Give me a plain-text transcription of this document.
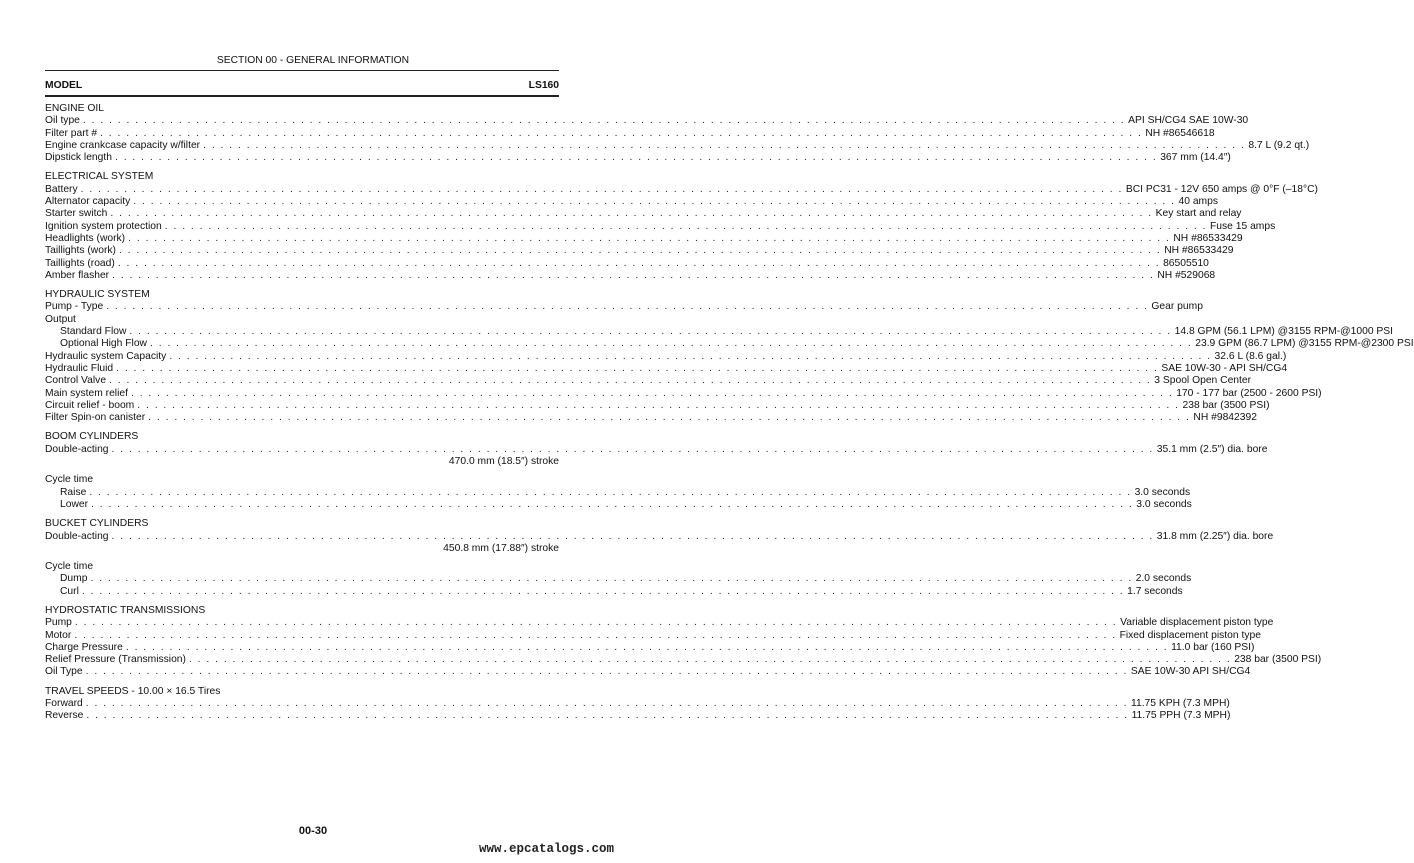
SECTION 00 - GENERAL INFORMATION
MODEL	LS160
ENGINE OIL
Oil type . . . . . . . . . . . . . . . . . . . . . . . . . . . . . . . . . . . . . . . . . . . . . . . . . . . . . . . . . . . . . . . . . . . . . . . . . . . . . . . . . . . . . . . . . . . . . . . . . . . . . . . . . . . . . . . . . . . . . . . . API SH/CG4 SAE 10W-30
Filter part # . . . . . . . . . . . . . . . . . . . . . . . . . . . . . . . . . . . . . . . . . . . . . . . . . . . . . . . . . . . . . . . . . . . . . . . . . . . . . . . . . . . . . . . . . . . . . . . . . . . . . . . . . . . . . . . . . . . . . . . . NH #86546618
Engine crankcase capacity w/filter . . . . . . . . . . . . . . . . . . . . . . . . . . . . . . . . . . . . . . . . . . . . . . . . . . . . . . . . . . . . . . . . . . . . . . . . . . . . . . . . . . . . . . . . . . . . . . . . . . . . . . . . . . . . . . . . . . . . . . . . 8.7 L (9.2 qt.)
Dipstick length . . . . . . . . . . . . . . . . . . . . . . . . . . . . . . . . . . . . . . . . . . . . . . . . . . . . . . . . . . . . . . . . . . . . . . . . . . . . . . . . . . . . . . . . . . . . . . . . . . . . . . . . . . . . . . . . . . . . . . . . 367 mm (14.4″)
ELECTRICAL SYSTEM
Battery . . . . . . . . . . . . . . . . . . . . . . . . . . . . . . . . . . . . . . . . . . . . . . . . . . . . . . . . . . . . . . . . . . . . . . . . . . . . . . . . . . . . . . . . . . . . . . . . . . . . . . . . . . . . . . . . . . . . . . . . BCI PC31 - 12V 650 amps @ 0°F (–18°C)
Alternator capacity . . . . . . . . . . . . . . . . . . . . . . . . . . . . . . . . . . . . . . . . . . . . . . . . . . . . . . . . . . . . . . . . . . . . . . . . . . . . . . . . . . . . . . . . . . . . . . . . . . . . . . . . . . . . . . . . . . . . . . . . 40 amps
Starter switch . . . . . . . . . . . . . . . . . . . . . . . . . . . . . . . . . . . . . . . . . . . . . . . . . . . . . . . . . . . . . . . . . . . . . . . . . . . . . . . . . . . . . . . . . . . . . . . . . . . . . . . . . . . . . . . . . . . . . . . . Key start and relay
Ignition system protection . . . . . . . . . . . . . . . . . . . . . . . . . . . . . . . . . . . . . . . . . . . . . . . . . . . . . . . . . . . . . . . . . . . . . . . . . . . . . . . . . . . . . . . . . . . . . . . . . . . . . . . . . . . . . . . . . . . . . . . . Fuse 15 amps
Headlights (work) . . . . . . . . . . . . . . . . . . . . . . . . . . . . . . . . . . . . . . . . . . . . . . . . . . . . . . . . . . . . . . . . . . . . . . . . . . . . . . . . . . . . . . . . . . . . . . . . . . . . . . . . . . . . . . . . . . . . . . . . NH #86533429
Taillights (work) . . . . . . . . . . . . . . . . . . . . . . . . . . . . . . . . . . . . . . . . . . . . . . . . . . . . . . . . . . . . . . . . . . . . . . . . . . . . . . . . . . . . . . . . . . . . . . . . . . . . . . . . . . . . . . . . . . . . . . . . NH #86533429
Taillights (road) . . . . . . . . . . . . . . . . . . . . . . . . . . . . . . . . . . . . . . . . . . . . . . . . . . . . . . . . . . . . . . . . . . . . . . . . . . . . . . . . . . . . . . . . . . . . . . . . . . . . . . . . . . . . . . . . . . . . . . . . 86505510
Amber flasher . . . . . . . . . . . . . . . . . . . . . . . . . . . . . . . . . . . . . . . . . . . . . . . . . . . . . . . . . . . . . . . . . . . . . . . . . . . . . . . . . . . . . . . . . . . . . . . . . . . . . . . . . . . . . . . . . . . . . . . . NH #529068
HYDRAULIC SYSTEM
Pump - Type . . . . . . . . . . . . . . . . . . . . . . . . . . . . . . . . . . . . . . . . . . . . . . . . . . . . . . . . . . . . . . . . . . . . . . . . . . . . . . . . . . . . . . . . . . . . . . . . . . . . . . . . . . . . . . . . . . . . . . . . Gear pump
Output
Standard Flow . . . . . . . . . . . . . . . . . . . . . . . . . . . . . . . . . . . . . . . . . . . . . . . . . . . . . . . . . . . . . . . . . . . . . . . . . . . . . . . . . . . . . . . . . . . . . . . . . . . . . . . . . . . . . . . . . . . . . . . . 14.8 GPM (56.1 LPM) @3155 RPM-@1000 PSI
Optional High Flow . . . . . . . . . . . . . . . . . . . . . . . . . . . . . . . . . . . . . . . . . . . . . . . . . . . . . . . . . . . . . . . . . . . . . . . . . . . . . . . . . . . . . . . . . . . . . . . . . . . . . . . . . . . . . . . . . . . . . . . . 23.9 GPM (86.7 LPM) @3155 RPM-@2300 PSI
Hydraulic system Capacity . . . . . . . . . . . . . . . . . . . . . . . . . . . . . . . . . . . . . . . . . . . . . . . . . . . . . . . . . . . . . . . . . . . . . . . . . . . . . . . . . . . . . . . . . . . . . . . . . . . . . . . . . . . . . . . . . . . . . . . . 32.6 L (8.6 gal.)
Hydraulic Fluid . . . . . . . . . . . . . . . . . . . . . . . . . . . . . . . . . . . . . . . . . . . . . . . . . . . . . . . . . . . . . . . . . . . . . . . . . . . . . . . . . . . . . . . . . . . . . . . . . . . . . . . . . . . . . . . . . . . . . . . . SAE 10W-30 - API SH/CG4
Control Valve . . . . . . . . . . . . . . . . . . . . . . . . . . . . . . . . . . . . . . . . . . . . . . . . . . . . . . . . . . . . . . . . . . . . . . . . . . . . . . . . . . . . . . . . . . . . . . . . . . . . . . . . . . . . . . . . . . . . . . . . 3 Spool Open Center
Main system relief . . . . . . . . . . . . . . . . . . . . . . . . . . . . . . . . . . . . . . . . . . . . . . . . . . . . . . . . . . . . . . . . . . . . . . . . . . . . . . . . . . . . . . . . . . . . . . . . . . . . . . . . . . . . . . . . . . . . . . . . 170 - 177 bar (2500 - 2600 PSI)
Circuit relief - boom . . . . . . . . . . . . . . . . . . . . . . . . . . . . . . . . . . . . . . . . . . . . . . . . . . . . . . . . . . . . . . . . . . . . . . . . . . . . . . . . . . . . . . . . . . . . . . . . . . . . . . . . . . . . . . . . . . . . . . . . 238 bar (3500 PSI)
Filter Spin-on canister . . . . . . . . . . . . . . . . . . . . . . . . . . . . . . . . . . . . . . . . . . . . . . . . . . . . . . . . . . . . . . . . . . . . . . . . . . . . . . . . . . . . . . . . . . . . . . . . . . . . . . . . . . . . . . . . . . . . . . . . NH #9842392
BOOM CYLINDERS
Double-acting . . . . . . . . . . . . . . . . . . . . . . . . . . . . . . . . . . . . . . . . . . . . . . . . . . . . . . . . . . . . . . . . . . . . . . . . . . . . . . . . . . . . . . . . . . . . . . . . . . . . . . . . . . . . . . . . . . . . . . . . 35.1 mm (2.5″) dia. bore
470.0 mm (18.5″) stroke
Cycle time
Raise . . . . . . . . . . . . . . . . . . . . . . . . . . . . . . . . . . . . . . . . . . . . . . . . . . . . . . . . . . . . . . . . . . . . . . . . . . . . . . . . . . . . . . . . . . . . . . . . . . . . . . . . . . . . . . . . . . . . . . . . 3.0 seconds
Lower . . . . . . . . . . . . . . . . . . . . . . . . . . . . . . . . . . . . . . . . . . . . . . . . . . . . . . . . . . . . . . . . . . . . . . . . . . . . . . . . . . . . . . . . . . . . . . . . . . . . . . . . . . . . . . . . . . . . . . . . 3.0 seconds
BUCKET CYLINDERS
Double-acting . . . . . . . . . . . . . . . . . . . . . . . . . . . . . . . . . . . . . . . . . . . . . . . . . . . . . . . . . . . . . . . . . . . . . . . . . . . . . . . . . . . . . . . . . . . . . . . . . . . . . . . . . . . . . . . . . . . . . . . . 31.8 mm (2.25″) dia. bore
450.8 mm (17.88″) stroke
Cycle time
Dump . . . . . . . . . . . . . . . . . . . . . . . . . . . . . . . . . . . . . . . . . . . . . . . . . . . . . . . . . . . . . . . . . . . . . . . . . . . . . . . . . . . . . . . . . . . . . . . . . . . . . . . . . . . . . . . . . . . . . . . . 2.0 seconds
Curl . . . . . . . . . . . . . . . . . . . . . . . . . . . . . . . . . . . . . . . . . . . . . . . . . . . . . . . . . . . . . . . . . . . . . . . . . . . . . . . . . . . . . . . . . . . . . . . . . . . . . . . . . . . . . . . . . . . . . . . . 1.7 seconds
HYDROSTATIC TRANSMISSIONS
Pump . . . . . . . . . . . . . . . . . . . . . . . . . . . . . . . . . . . . . . . . . . . . . . . . . . . . . . . . . . . . . . . . . . . . . . . . . . . . . . . . . . . . . . . . . . . . . . . . . . . . . . . . . . . . . . . . . . . . . . . . Variable displacement piston type
Motor . . . . . . . . . . . . . . . . . . . . . . . . . . . . . . . . . . . . . . . . . . . . . . . . . . . . . . . . . . . . . . . . . . . . . . . . . . . . . . . . . . . . . . . . . . . . . . . . . . . . . . . . . . . . . . . . . . . . . . . . Fixed displacement piston type
Charge Pressure . . . . . . . . . . . . . . . . . . . . . . . . . . . . . . . . . . . . . . . . . . . . . . . . . . . . . . . . . . . . . . . . . . . . . . . . . . . . . . . . . . . . . . . . . . . . . . . . . . . . . . . . . . . . . . . . . . . . . . . . 11.0 bar (160 PSI)
Relief Pressure (Transmission) . . . . . . . . . . . . . . . . . . . . . . . . . . . . . . . . . . . . . . . . . . . . . . . . . . . . . . . . . . . . . . . . . . . . . . . . . . . . . . . . . . . . . . . . . . . . . . . . . . . . . . . . . . . . . . . . . . . . . . . . 238 bar (3500 PSI)
Oil Type . . . . . . . . . . . . . . . . . . . . . . . . . . . . . . . . . . . . . . . . . . . . . . . . . . . . . . . . . . . . . . . . . . . . . . . . . . . . . . . . . . . . . . . . . . . . . . . . . . . . . . . . . . . . . . . . . . . . . . . . SAE 10W-30 API SH/CG4
TRAVEL SPEEDS - 10.00 × 16.5 Tires
Forward . . . . . . . . . . . . . . . . . . . . . . . . . . . . . . . . . . . . . . . . . . . . . . . . . . . . . . . . . . . . . . . . . . . . . . . . . . . . . . . . . . . . . . . . . . . . . . . . . . . . . . . . . . . . . . . . . . . . . . . . 11.75 KPH (7.3 MPH)
Reverse . . . . . . . . . . . . . . . . . . . . . . . . . . . . . . . . . . . . . . . . . . . . . . . . . . . . . . . . . . . . . . . . . . . . . . . . . . . . . . . . . . . . . . . . . . . . . . . . . . . . . . . . . . . . . . . . . . . . . . . . 11.75 PPH (7.3 MPH)
00-30
www.epcatalogs.com
